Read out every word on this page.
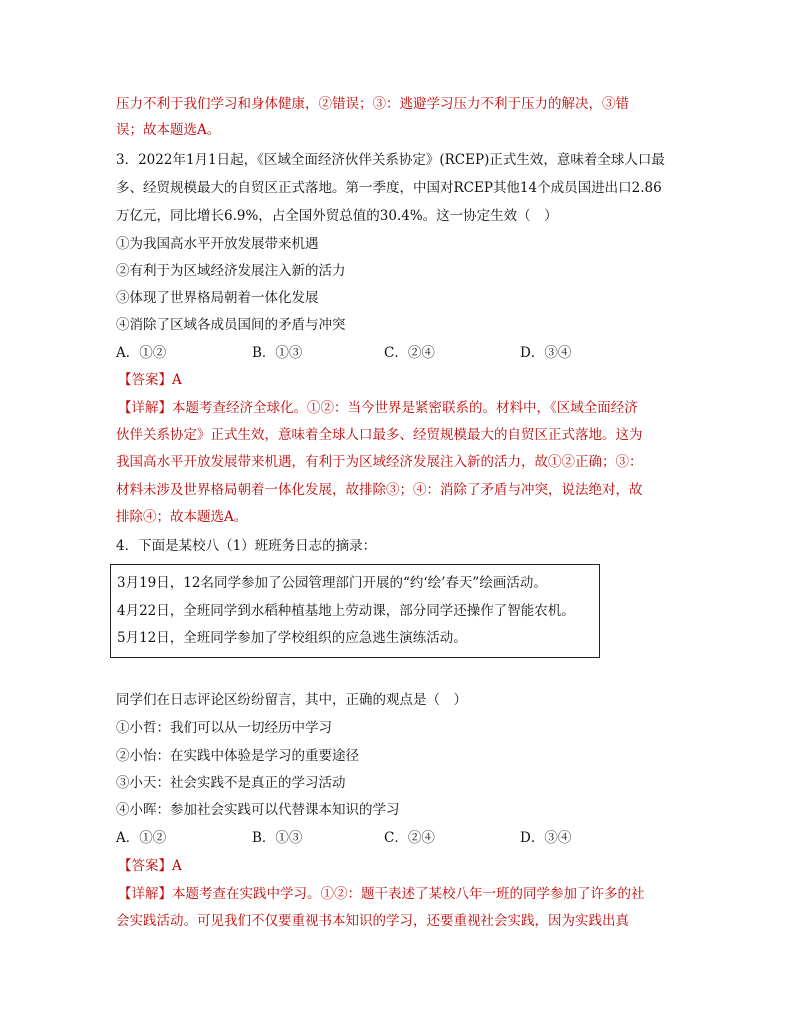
压力不利于我们学习和身体健康，②错误；③：逃避学习压力不利于压力的解决，③错
误；故本题选A。
3．2022年1月1日起，《区域全面经济伙伴关系协定》(RCEP)正式生效，意味着全球人口最
多、经贸规模最大的自贸区正式落地。第一季度，中国对RCEP其他14个成员国进出口2.86
万亿元，同比增长6.9%，占全国外贸总值的30.4%。这一协定生效（　）
①为我国高水平开放发展带来机遇
②有利于为区域经济发展注入新的活力
③体现了世界格局朝着一体化发展
④消除了区域各成员国间的矛盾与冲突
A．①②	B．①③	C．②④	D．③④
【答案】A
【详解】本题考查经济全球化。①②：当今世界是紧密联系的。材料中，《区域全面经济
伙伴关系协定》正式生效，意味着全球人口最多、经贸规模最大的自贸区正式落地。这为
我国高水平开放发展带来机遇，有利于为区域经济发展注入新的活力，故①②正确；③：
材料未涉及世界格局朝着一体化发展，故排除③；④：消除了矛盾与冲突，说法绝对，故
排除④；故本题选A。
4．下面是某校八（1）班班务日志的摘录：
3月19日，12名同学参加了公园管理部门开展的“约‘绘’春天”绘画活动。
4月22日，全班同学到水稻种植基地上劳动课，部分同学还操作了智能农机。
5月12日，全班同学参加了学校组织的应急逃生演练活动。
同学们在日志评论区纷纷留言，其中，正确的观点是（　）
①小哲：我们可以从一切经历中学习
②小怡：在实践中体验是学习的重要途径
③小天：社会实践不是真正的学习活动
④小晖：参加社会实践可以代替课本知识的学习
A．①②	B．①③	C．②④	D．③④
【答案】A
【详解】本题考查在实践中学习。①②：题干表述了某校八年一班的同学参加了许多的社
会实践活动。可见我们不仅要重视书本知识的学习，还要重视社会实践，因为实践出真
